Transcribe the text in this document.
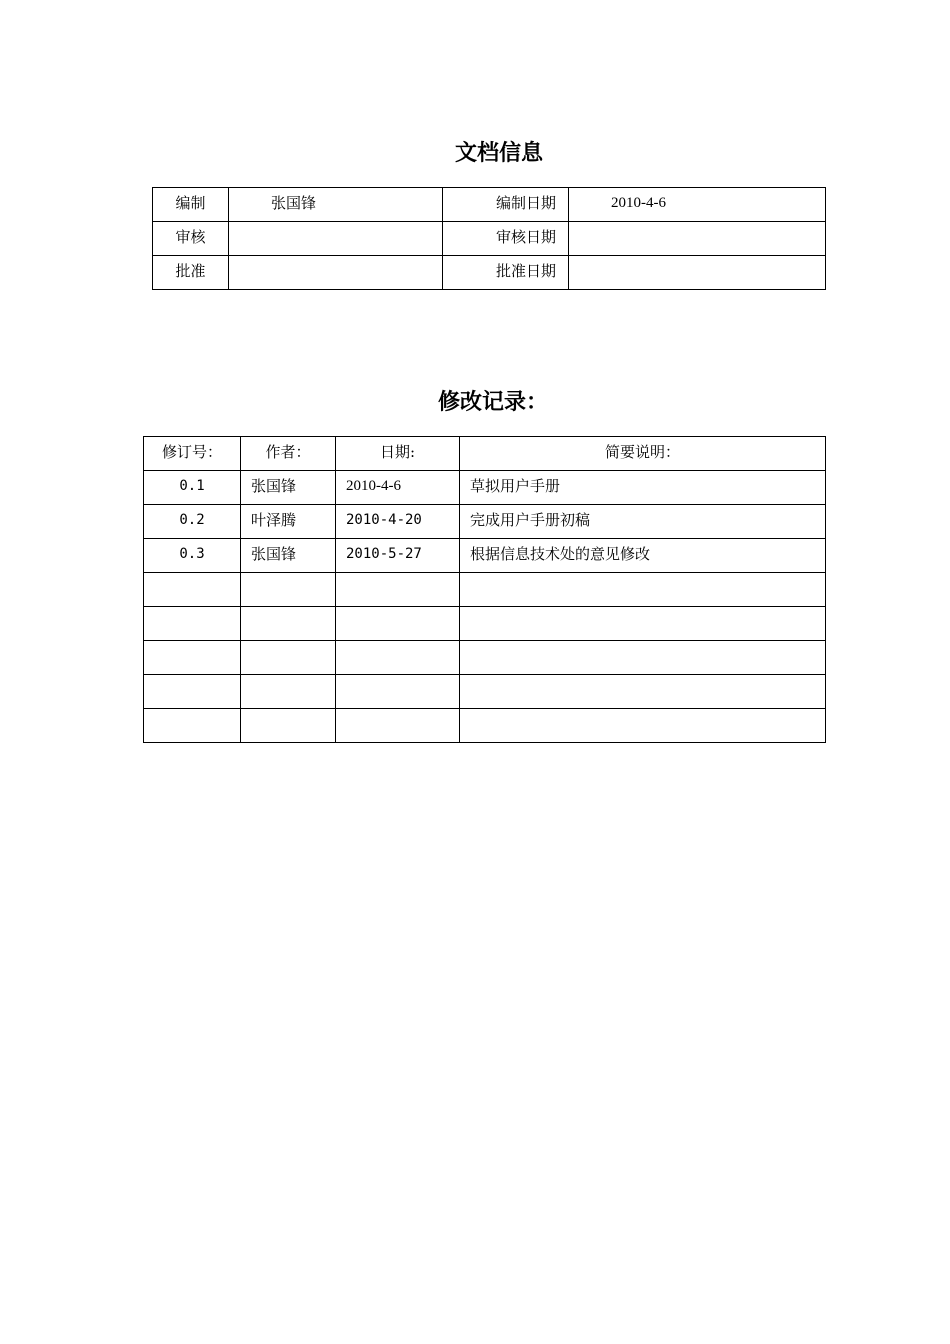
文档信息
编制	张国锋	编制日期	2010-4-6
审核		审核日期	
批准		批准日期	
修改记录：
修订号：	作者：	日期:	简要说明：
0.1	张国锋	2010-4-6	草拟用户手册
0.2	叶泽腾	2010-4-20	完成用户手册初稿
0.3	张国锋	2010-5-27	根据信息技术处的意见修改
